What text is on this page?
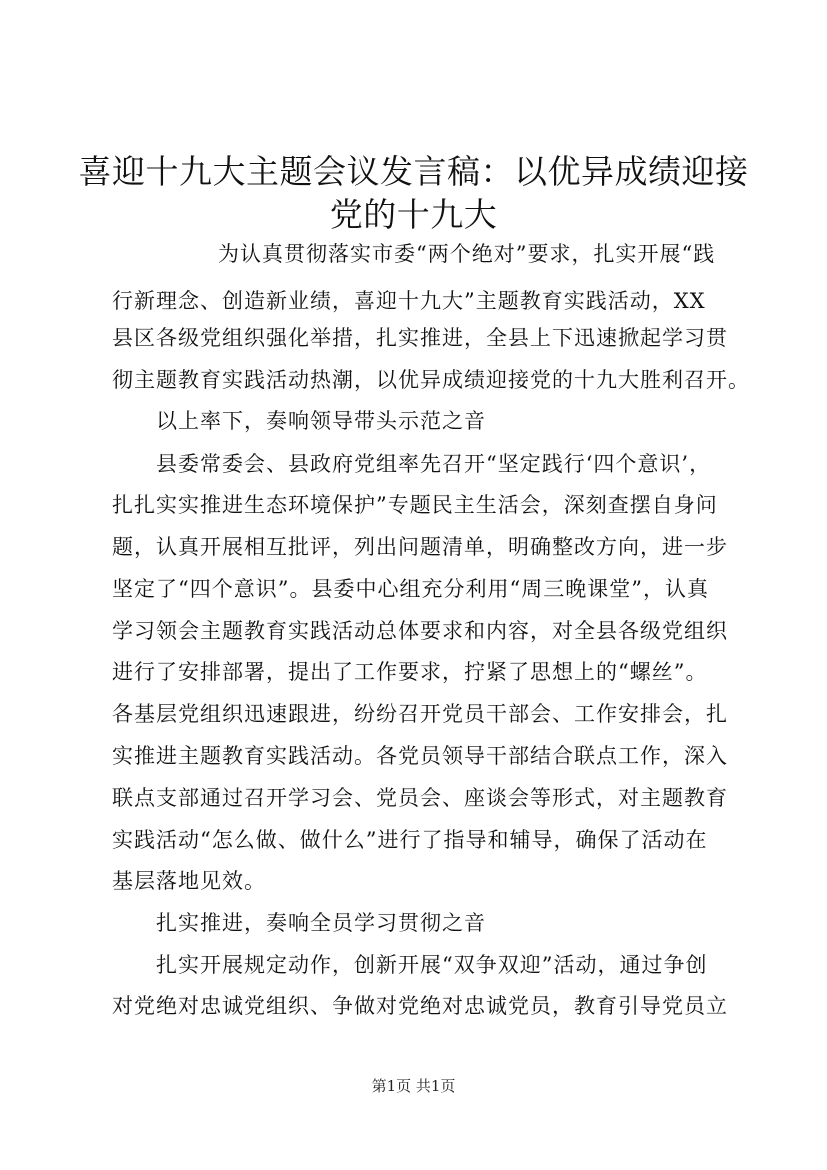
喜迎十九大主题会议发言稿：以优异成绩迎接
党的十九大
为认真贯彻落实市委“两个绝对”要求，扎实开展“践
行新理念、创造新业绩，喜迎十九大”主题教育实践活动，XX
县区各级党组织强化举措，扎实推进，全县上下迅速掀起学习贯
彻主题教育实践活动热潮，以优异成绩迎接党的十九大胜利召开。
以上率下，奏响领导带头示范之音
县委常委会、县政府党组率先召开“坚定践行‘四个意识’，
扎扎实实推进生态环境保护”专题民主生活会，深刻查摆自身问
题，认真开展相互批评，列出问题清单，明确整改方向，进一步
坚定了“四个意识”。县委中心组充分利用“周三晚课堂”，认真
学习领会主题教育实践活动总体要求和内容，对全县各级党组织
进行了安排部署，提出了工作要求，拧紧了思想上的“螺丝”。
各基层党组织迅速跟进，纷纷召开党员干部会、工作安排会，扎
实推进主题教育实践活动。各党员领导干部结合联点工作，深入
联点支部通过召开学习会、党员会、座谈会等形式，对主题教育
实践活动“怎么做、做什么”进行了指导和辅导，确保了活动在
基层落地见效。
扎实推进，奏响全员学习贯彻之音
扎实开展规定动作，创新开展“双争双迎”活动，通过争创
对党绝对忠诚党组织、争做对党绝对忠诚党员，教育引导党员立
第1页 共1页
